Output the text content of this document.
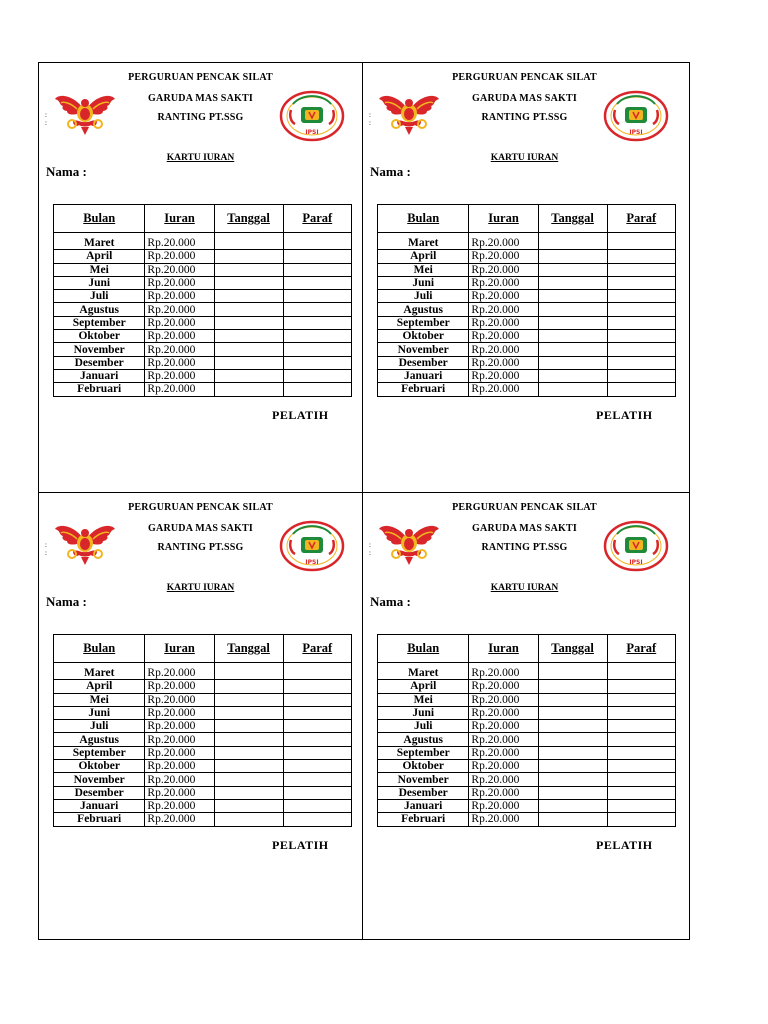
PERGURUAN PENCAK SILAT
GARUDA MAS SAKTI
RANTING PT.SSG
:
:
IPSI
KARTU IURAN
Nama :
Bulan	Iuran	Tanggal	Paraf

Maret	Rp.20.000		
April	Rp.20.000		
Mei	Rp.20.000		
Juni	Rp.20.000		
Juli	Rp.20.000		
Agustus	Rp.20.000		
September	Rp.20.000		
Oktober	Rp.20.000		
November	Rp.20.000		
Desember	Rp.20.000		
Januari	Rp.20.000		
Februari	Rp.20.000		
PELATIH
PERGURUAN PENCAK SILAT
GARUDA MAS SAKTI
RANTING PT.SSG
:
:
IPSI
KARTU IURAN
Nama :
Bulan	Iuran	Tanggal	Paraf

Maret	Rp.20.000		
April	Rp.20.000		
Mei	Rp.20.000		
Juni	Rp.20.000		
Juli	Rp.20.000		
Agustus	Rp.20.000		
September	Rp.20.000		
Oktober	Rp.20.000		
November	Rp.20.000		
Desember	Rp.20.000		
Januari	Rp.20.000		
Februari	Rp.20.000		
PELATIH
PERGURUAN PENCAK SILAT
GARUDA MAS SAKTI
RANTING PT.SSG
:
:
IPSI
KARTU IURAN
Nama :
Bulan	Iuran	Tanggal	Paraf

Maret	Rp.20.000		
April	Rp.20.000		
Mei	Rp.20.000		
Juni	Rp.20.000		
Juli	Rp.20.000		
Agustus	Rp.20.000		
September	Rp.20.000		
Oktober	Rp.20.000		
November	Rp.20.000		
Desember	Rp.20.000		
Januari	Rp.20.000		
Februari	Rp.20.000		
PELATIH
PERGURUAN PENCAK SILAT
GARUDA MAS SAKTI
RANTING PT.SSG
:
:
IPSI
KARTU IURAN
Nama :
Bulan	Iuran	Tanggal	Paraf

Maret	Rp.20.000		
April	Rp.20.000		
Mei	Rp.20.000		
Juni	Rp.20.000		
Juli	Rp.20.000		
Agustus	Rp.20.000		
September	Rp.20.000		
Oktober	Rp.20.000		
November	Rp.20.000		
Desember	Rp.20.000		
Januari	Rp.20.000		
Februari	Rp.20.000		
PELATIH
